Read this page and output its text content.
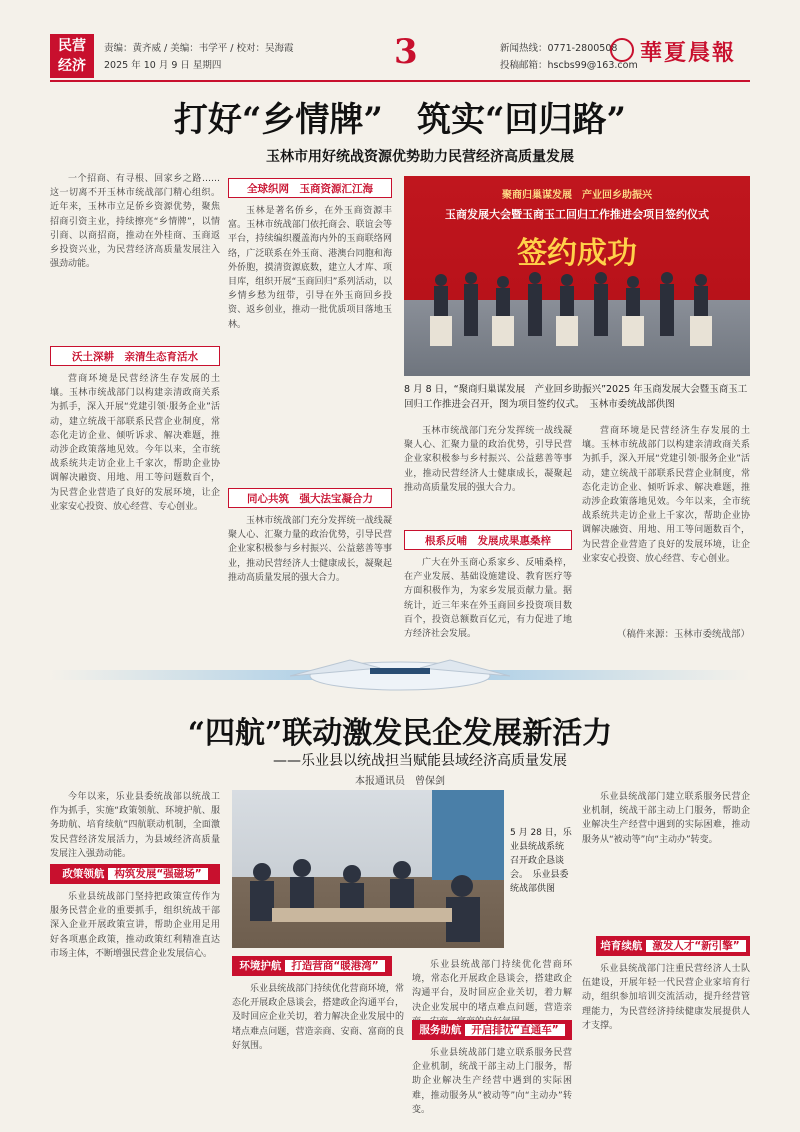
民营
经济
责编：黄齐威 / 美编：韦学平 / 校对：吴海霞
2025 年 10 月 9 日 星期四	3	新闻热线：0771-2800508
投稿邮箱：hscbs99@163.com 華夏晨報
打好“乡情牌”　筑实“回归路”
玉林市用好统战资源优势助力民营经济高质量发展

一个招商、有寻根、回家乡之路……这一切离不开玉林市统战部门精心组织。近年来，玉林市立足侨乡资源优势，聚焦招商引资主业，持续擦亮“乡情牌”，以情引商、以商招商，推动在外桂商、玉商返乡投资兴业，为民营经济高质量发展注入强劲动能。

沃土深耕　亲清生态育活水

营商环境是民营经济生存发展的土壤。玉林市统战部门以构建亲清政商关系为抓手，深入开展“党建引领·服务企业”活动，建立统战干部联系民营企业制度，常态化走访企业、倾听诉求、解决难题，推动涉企政策落地见效。今年以来，全市统战系统共走访企业上千家次，帮助企业协调解决融资、用地、用工等问题数百个，为民营企业营造了良好的发展环境，让企业家安心投资、放心经营、专心创业。

全球织网　玉商资源汇江海

玉林是著名侨乡，在外玉商资源丰富。玉林市统战部门依托商会、联谊会等平台，持续编织覆盖海内外的玉商联络网络，广泛联系在外玉商、港澳台同胞和海外侨胞，摸清资源底数，建立人才库、项目库，组织开展“玉商回归”系列活动，以乡情乡愁为纽带，引导在外玉商回乡投资、返乡创业，推动一批优质项目落地玉林。

同心共筑　强大法宝凝合力

玉林市统战部门充分发挥统一战线凝聚人心、汇聚力量的政治优势，引导民营企业家积极参与乡村振兴、公益慈善等事业，推动民营经济人士健康成长，凝聚起推动高质量发展的强大合力。

聚商归巢谋发展　产业回乡助振兴
玉商发展大会暨玉商玉工回归工作推进会项目签约仪式
签约成功
8 月 8 日，“聚商归巢谋发展　产业回乡助振兴”2025 年玉商发展大会暨玉商玉工回归工作推进会召开，图为项目签约仪式。　玉林市委统战部供图
根系反哺　发展成果惠桑梓

玉林市统战部门充分发挥统一战线凝聚人心、汇聚力量的政治优势，引导民营企业家积极参与乡村振兴、公益慈善等事业，推动民营经济人士健康成长，凝聚起推动高质量发展的强大合力。

广大在外玉商心系家乡、反哺桑梓，在产业发展、基础设施建设、教育医疗等方面积极作为，为家乡发展贡献力量。据统计，近三年来在外玉商回乡投资项目数百个，投资总额数百亿元，有力促进了地方经济社会发展。

营商环境是民营经济生存发展的土壤。玉林市统战部门以构建亲清政商关系为抓手，深入开展“党建引领·服务企业”活动，建立统战干部联系民营企业制度，常态化走访企业、倾听诉求、解决难题，推动涉企政策落地见效。今年以来，全市统战系统共走访企业上千家次，帮助企业协调解决融资、用地、用工等问题数百个，为民营企业营造了良好的发展环境，让企业家安心投资、放心经营、专心创业。

（稿件来源：玉林市委统战部）
“四航”联动激发民企发展新活力
——乐业县以统战担当赋能县域经济高质量发展
本报通讯员　曾保剑

今年以来，乐业县委统战部以统战工作为抓手，实施“政策领航、环境护航、服务助航、培育续航”四航联动机制，全面激发民营经济发展活力，为县域经济高质量发展注入强劲动能。

政策领航 构筑发展“强磁场”

乐业县统战部门坚持把政策宣传作为服务民营企业的重要抓手，组织统战干部深入企业开展政策宣讲，帮助企业用足用好各项惠企政策，推动政策红利精准直达市场主体，不断增强民营企业发展信心。

5 月 28 日，乐业县统战系统召开政企恳谈会。　乐业县委统战部供图
环境护航 打造营商“暖港湾”

乐业县统战部门持续优化营商环境，常态化开展政企恳谈会，搭建政企沟通平台，及时回应企业关切，着力解决企业发展中的堵点难点问题，营造亲商、安商、富商的良好氛围。

乐业县统战部门持续优化营商环境，常态化开展政企恳谈会，搭建政企沟通平台，及时回应企业关切，着力解决企业发展中的堵点难点问题，营造亲

服务助航 开启排忧“直通车”

乐业县统战部门建立联系服务民营企业机制，统战干部主动上门服务，帮助企业解决生产经营中遇到的实际困难，推动服务从“被动等”向“主动办”转变。

乐业县统战部门建立联系服务民营企业机制，统战干部主动上门服务，帮助企业解决生产经营中遇到的实际困难，推动服务从“被动等”向“主动办”转变。

培育续航 激发人才“新引擎”

乐业县统战部门注重民营经济人士队伍建设，开展年轻一代民营企业家培育行动，组织参加培训交流活动，提升经营管理能力，为民营经济持续健康发展提供人才支撑。
